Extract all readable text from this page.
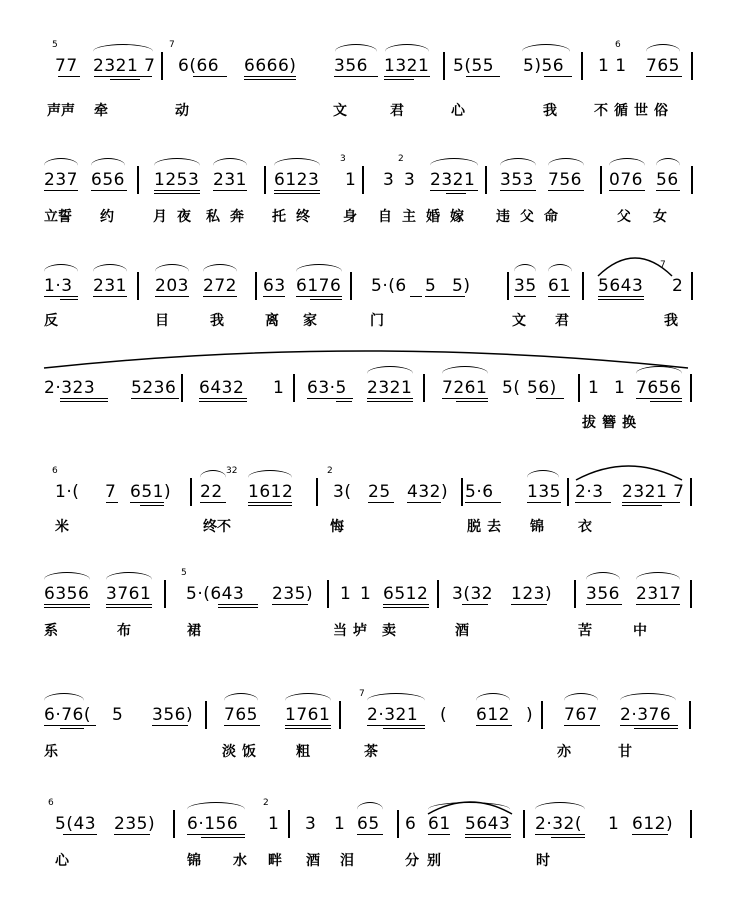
5
77 2321 7
7
6(66 6666) 356 1321 5(55 5)56
6
1 1 765
声声 牵	动	文	君	心	我	不循世俗
237 656 1253 231 6123
3
1 3
2
3 2321 353 756 076 56
立誓 约	月夜 私奔 托终 身 自主婚嫁 违父命	父女
1·3 231 203 272 63 6176 5·(6 5 5)	35 61 5643
7
2
反	目	我	离家 门	文 君	我
2·323 5236 6432 1 63·5 2321 7261 5( 56) 1 1 7656
拔簪换
6
1·( 7 651) 22
32
1612
2
3( 25 432) 5·6 135 2·3 2321 7
米	终不	悔	脱去 锦 衣
6356 3761
5
5·(643 235) 1 1 6512 3(32 123) 356 2317
系	布	裙	当垆 卖	酒	苦	中
6·76( 5 356) 765 1761
7
2·321 ( 612 ) 767 2·376
乐	淡饭 粗	茶	亦	甘
6
5(43 235) 6·156
2
1 3 1 65 6 61 5643 2·32( 1 612)
心	锦 水 畔 酒 泪	分别	时
